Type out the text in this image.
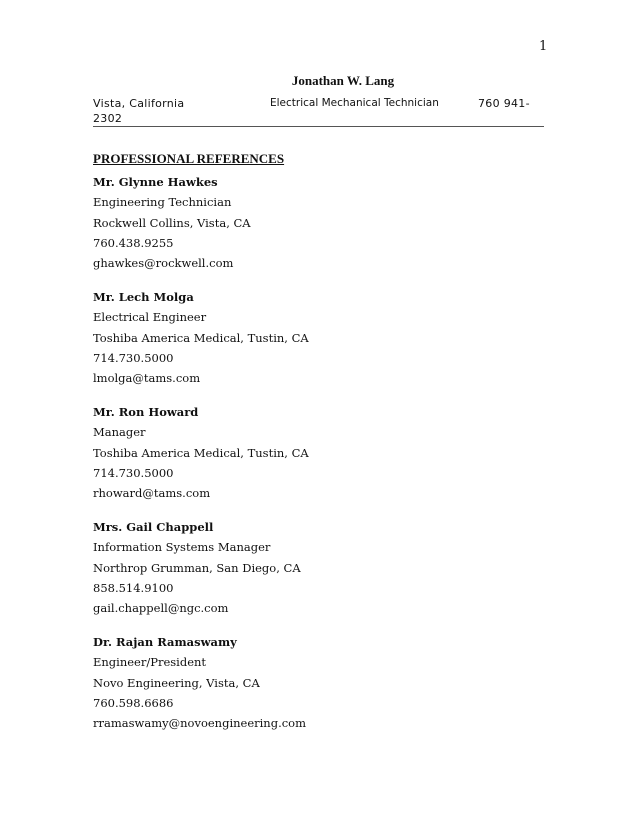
1
Jonathan W. Lang
Vista, California	Electrical Mechanical Technician	760 941-
2302
PROFESSIONAL REFERENCES
Mr. Glynne Hawkes
Engineering Technician
Rockwell Collins, Vista, CA
760.438.9255
ghawkes@rockwell.com
Mr. Lech Molga
Electrical Engineer
Toshiba America Medical, Tustin, CA
714.730.5000
lmolga@tams.com
Mr. Ron Howard
Manager
Toshiba America Medical, Tustin, CA
714.730.5000
rhoward@tams.com
Mrs. Gail Chappell
Information Systems Manager
Northrop Grumman, San Diego, CA
858.514.9100
gail.chappell@ngc.com
Dr. Rajan Ramaswamy
Engineer/President
Novo Engineering, Vista, CA
760.598.6686
rramaswamy@novoengineering.com
